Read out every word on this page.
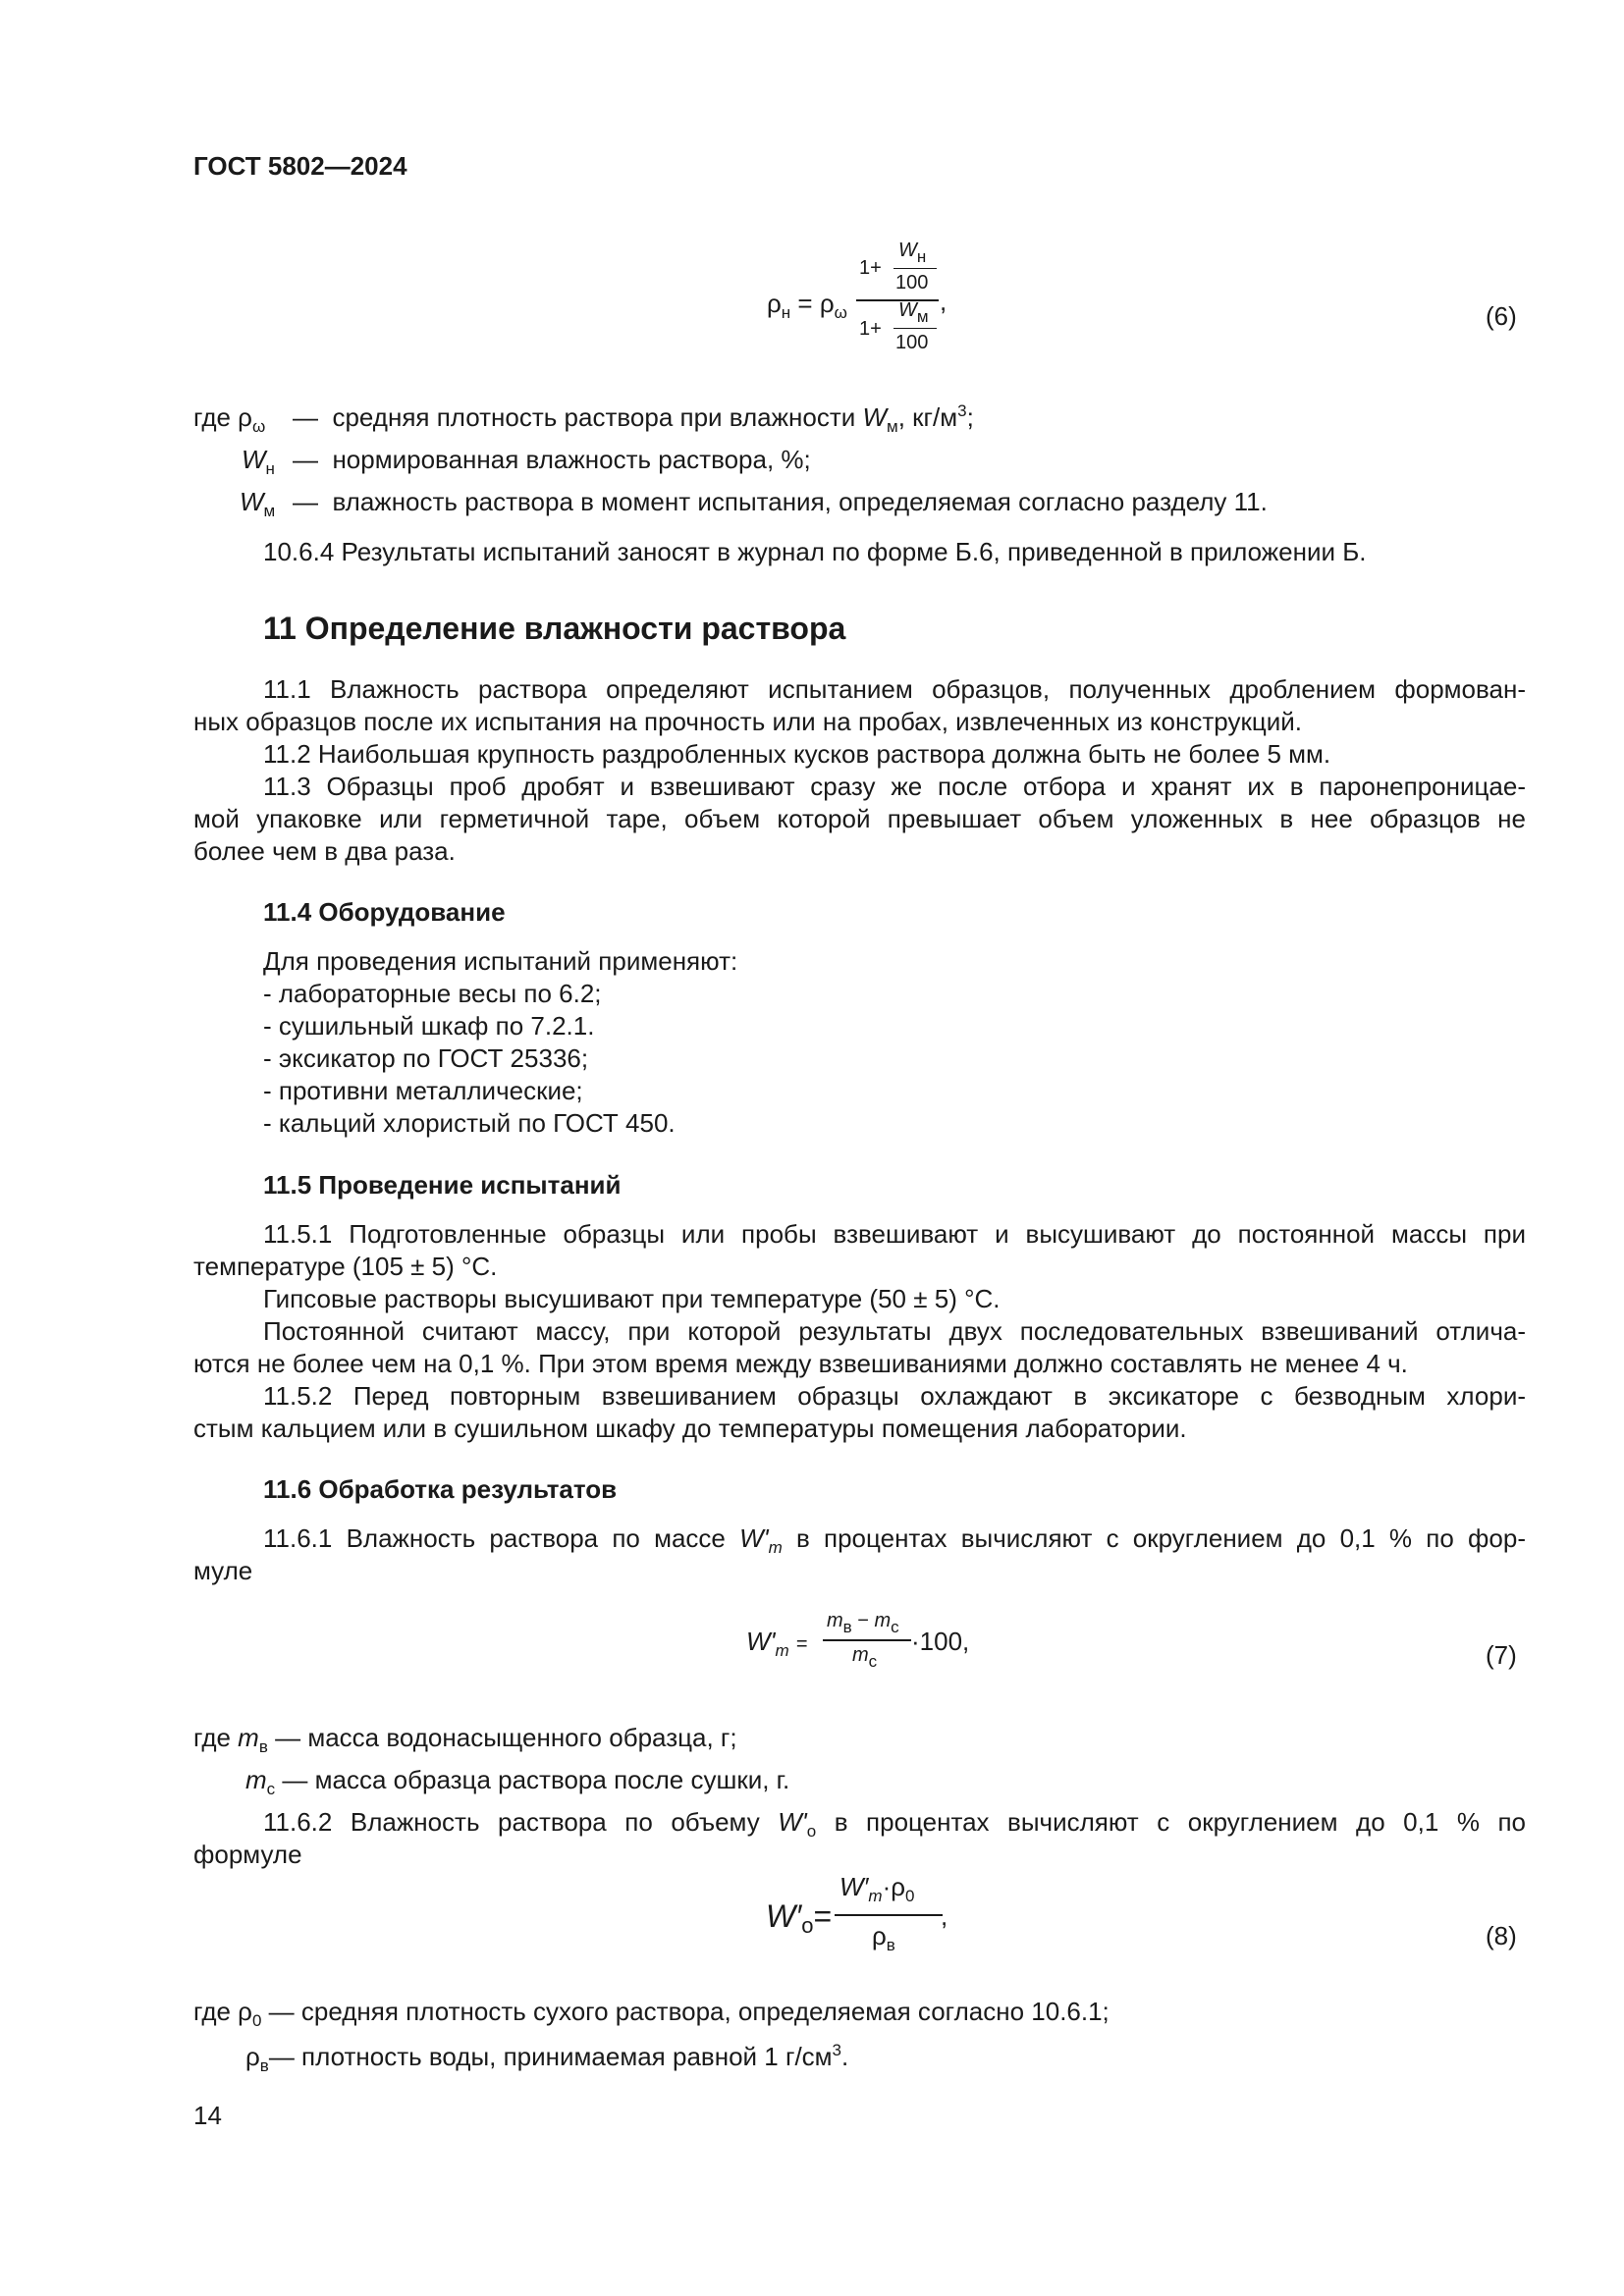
ГОСТ 5802—2024
$\rho_н = \rho_\omega$
1+
$W_н$
100
,
1+
$W_м$
100
(6)
где $\rho_\omega$ — средняя плотность раствора при влажности $W_м$, $кг/м^3$;
$W_н$ — нормированная влажность раствора, %;
$W_м$ — влажность раствора в момент испытания, определяемая согласно разделу 11.
10.6.4 Результаты испытаний заносят в журнал по форме Б.6, приведенной в приложении Б.
11 Определение влажности раствора
11.1 Влажность раствора определяют испытанием образцов, полученных дроблением формован-
ных образцов после их испытания на прочность или на пробах, извлеченных из конструкций.
11.2 Наибольшая крупность раздробленных кусков раствора должна быть не более 5 мм.
11.3 Образцы проб дробят и взвешивают сразу же после отбора и хранят их в паронепроницае-
мой упаковке или герметичной таре, объем которой превышает объем уложенных в нее образцов не
более чем в два раза.
11.4 Оборудование
Для проведения испытаний применяют:
- лабораторные весы по 6.2;
- сушильный шкаф по 7.2.1.
- эксикатор по ГОСТ 25336;
- противни металлические;
- кальций хлористый по ГОСТ 450.
11.5 Проведение испытаний
11.5.1 Подготовленные образцы или пробы взвешивают и высушивают до постоянной массы при
температуре (105 ± 5) °С.
Гипсовые растворы высушивают при температуре (50 ± 5) °С.
Постоянной считают массу, при которой результаты двух последовательных взвешиваний отлича-
ются не более чем на 0,1 %. При этом время между взвешиваниями должно составлять не менее 4 ч.
11.5.2 Перед повторным взвешиванием образцы охлаждают в эксикаторе с безводным хлори-
стым кальцием или в сушильном шкафу до температуры помещения лаборатории.
11.6 Обработка результатов
11.6.1 Влажность раствора по массе $W'_m$ в процентах вычисляют с округлением до 0,1 % по фор-
муле
$W'_m$ =
$m_в - m_с$
$m_с$
·100,	(7)
где $m_в$ — масса водонасыщенного образца, г;
$m_с$ — масса образца раствора после сушки, г.
11.6.2 Влажность раствора по объему $W'_о$ в процентах вычисляют с округлением до 0,1 % по
формуле
$W'_о=$
$W'_m\cdot\rho_0$
$\rho_в$
,
(8)
где $\rho_0$ — средняя плотность сухого раствора, определяемая согласно 10.6.1;
$\rho_в—$ плотность воды, принимаемая равной 1 $г/см^3$.
14
